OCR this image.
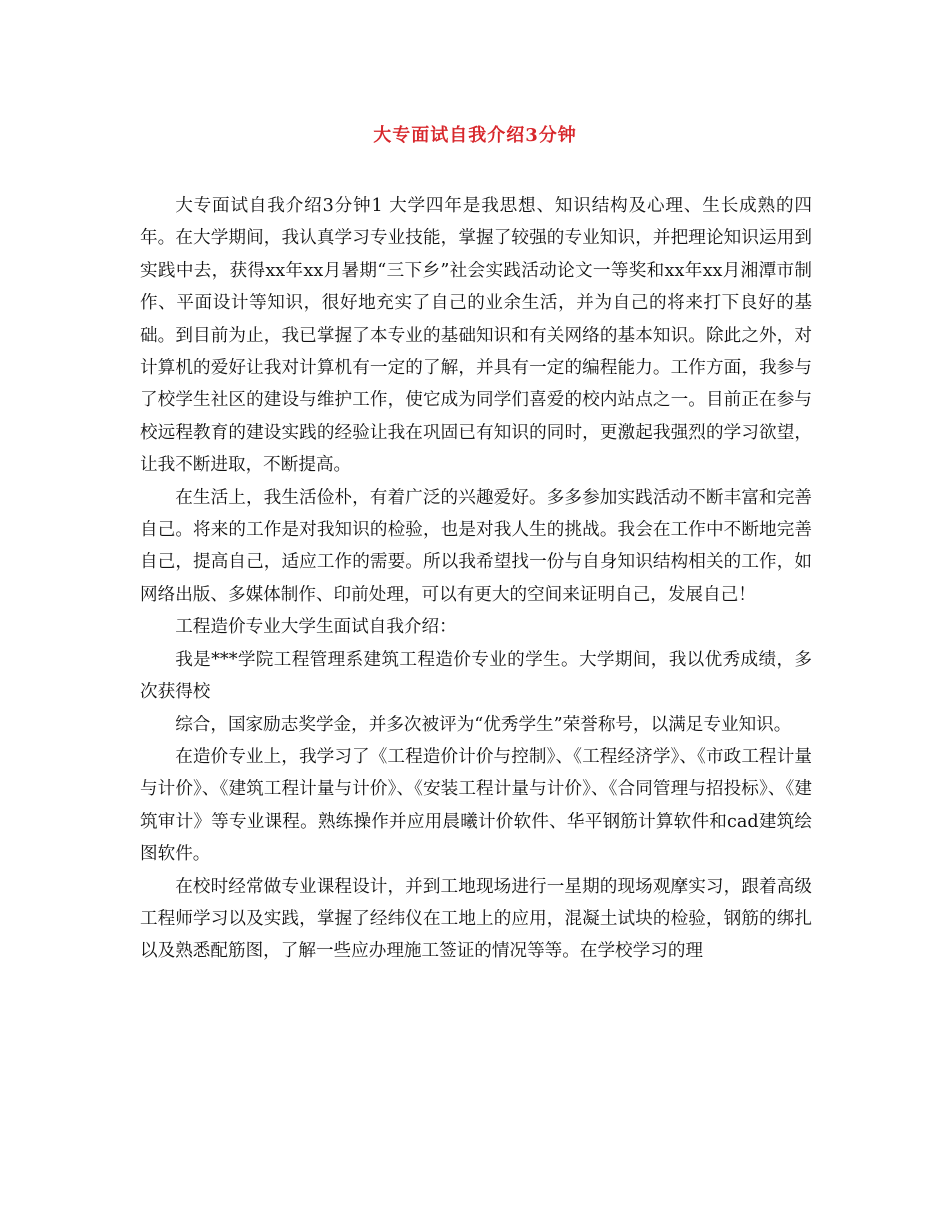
大专面试自我介绍3分钟

大专面试自我介绍3分钟1 大学四年是我思想、知识结构及心理、生长成熟的四年。在大学期间，我认真学习专业技能，掌握了较强的专业知识，并把理论知识运用到实践中去，获得xx年xx月暑期“三下乡”社会实践活动论文一等奖和xx年xx月湘潭市制作、平面设计等知识，很好地充实了自己的业余生活，并为自己的将来打下良好的基础。到目前为止，我已掌握了本专业的基础知识和有关网络的基本知识。除此之外，对计算机的爱好让我对计算机有一定的了解，并具有一定的编程能力。工作方面，我参与了校学生社区的建设与维护工作，使它成为同学们喜爱的校内站点之一。目前正在参与校远程教育的建设实践的经验让我在巩固已有知识的同时，更激起我强烈的学习欲望，让我不断进取，不断提高。

在生活上，我生活俭朴，有着广泛的兴趣爱好。多多参加实践活动不断丰富和完善自己。将来的工作是对我知识的检验，也是对我人生的挑战。我会在工作中不断地完善自己，提高自己，适应工作的需要。所以我希望找一份与自身知识结构相关的工作，如网络出版、多媒体制作、印前处理，可以有更大的空间来证明自己，发展自己！

工程造价专业大学生面试自我介绍：

我是***学院工程管理系建筑工程造价专业的学生。大学期间，我以优秀成绩，多次获得校

综合，国家励志奖学金，并多次被评为“优秀学生”荣誉称号，以满足专业知识。

在造价专业上，我学习了《工程造价计价与控制》、《工程经济学》、《市政工程计量与计价》、《建筑工程计量与计价》、《安装工程计量与计价》、《合同管理与招投标》、《建筑审计》等专业课程。熟练操作并应用晨曦计价软件、华平钢筋计算软件和cad建筑绘图软件。

在校时经常做专业课程设计，并到工地现场进行一星期的现场观摩实习，跟着高级工程师学习以及实践，掌握了经纬仪在工地上的应用，混凝土试块的检验，钢筋的绑扎以及熟悉配筋图，了解一些应办理施工签证的情况等等。在学校学习的理
